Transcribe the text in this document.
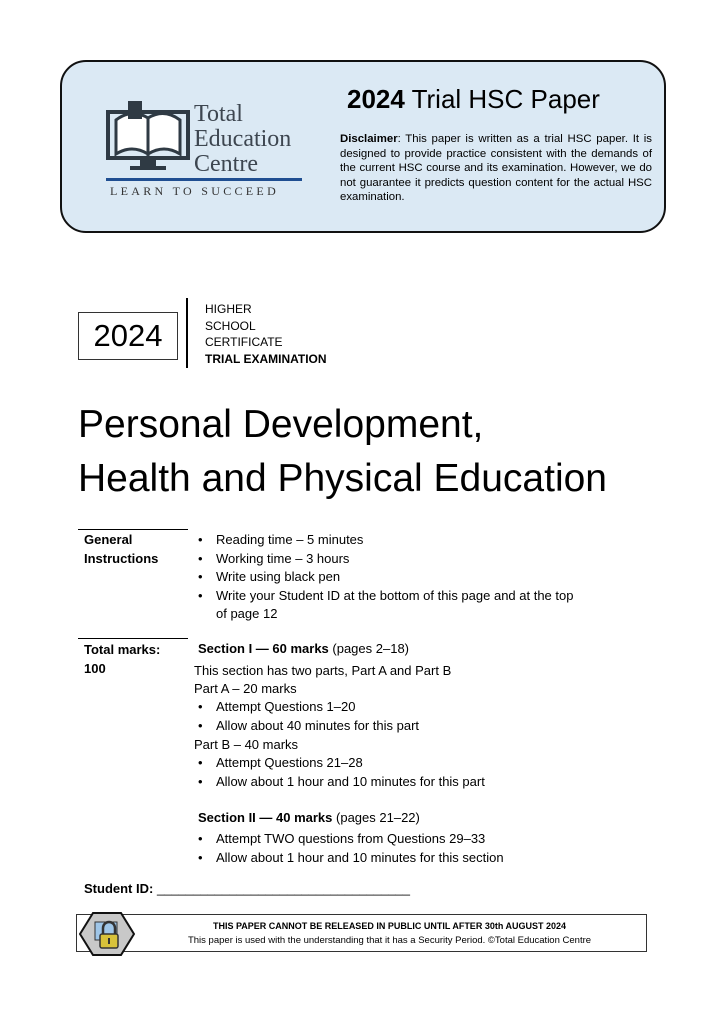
Total
Education
Centre
LEARN TO SUCCEED
2024 Trial HSC Paper
Disclaimer: This paper is written as a trial HSC paper. It is designed to provide practice consistent with the demands of the current HSC course and its examination. However, we do not guarantee it predicts question content for the actual HSC examination.
2024
HIGHER
SCHOOL
CERTIFICATE
TRIAL EXAMINATION
Personal Development,
Health and Physical Education
General
Instructions
• Reading time – 5 minutes
• Working time – 3 hours
• Write using black pen
• Write your Student ID at the bottom of this page and at the top of page 12
Total marks:
100
Section I — 60 marks (pages 2–18)
This section has two parts, Part A and Part B
Part A – 20 marks
• Attempt Questions 1–20
• Allow about 40 minutes for this part
Part B – 40 marks
• Attempt Questions 21–28
• Allow about 1 hour and 10 minutes for this part
Section II — 40 marks (pages 21–22)
• Attempt TWO questions from Questions 29–33
• Allow about 1 hour and 10 minutes for this section
Student ID: ___________________________________
THIS PAPER CANNOT BE RELEASED IN PUBLIC UNTIL AFTER 30th AUGUST 2024
This paper is used with the understanding that it has a Security Period. ©Total Education Centre
